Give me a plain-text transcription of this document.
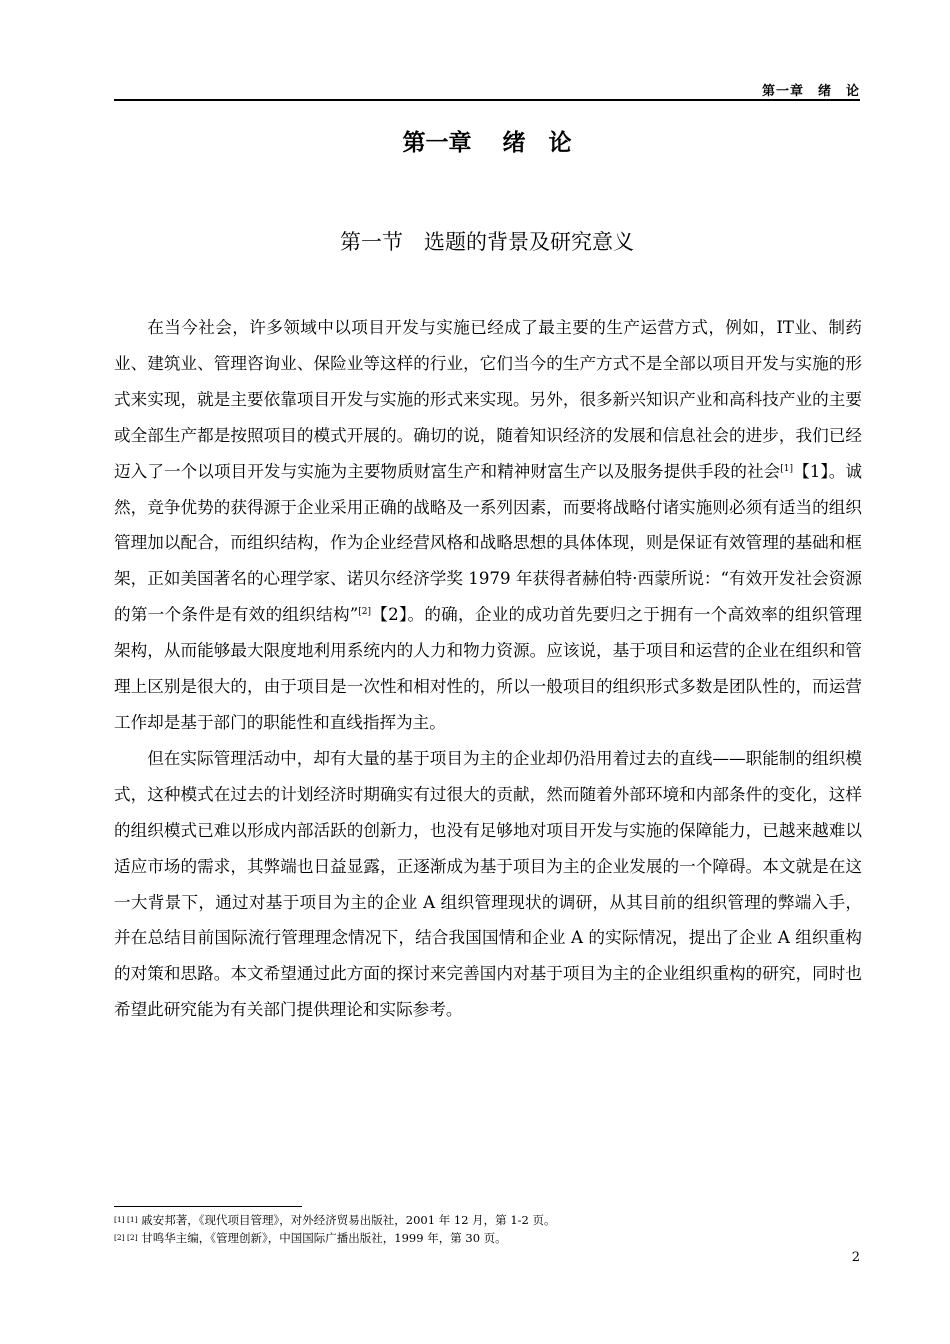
第一章　绪　论
第一章　 绪　论
第一节　选题的背景及研究意义

在当今社会，许多领域中以项目开发与实施已经成了最主要的生产运营方式，例如，IT业、制药业、建筑业、管理咨询业、保险业等这样的行业，它们当今的生产方式不是全部以项目开发与实施的形式来实现，就是主要依靠项目开发与实施的形式来实现。另外，很多新兴知识产业和高科技产业的主要或全部生产都是按照项目的模式开展的。确切的说，随着知识经济的发展和信息社会的进步，我们已经迈入了一个以项目开发与实施为主要物质财富生产和精神财富生产以及服务提供手段的社会[1]【1】。诚然，竞争优势的获得源于企业采用正确的战略及一系列因素，而要将战略付诸实施则必须有适当的组织管理加以配合，而组织结构，作为企业经营风格和战略思想的具体体现，则是保证有效管理的基础和框架，正如美国著名的心理学家、诺贝尔经济学奖 1979 年获得者赫伯特·西蒙所说：“有效开发社会资源的第一个条件是有效的组织结构”[2]【2】。的确，企业的成功首先要归之于拥有一个高效率的组织管理架构，从而能够最大限度地利用系统内的人力和物力资源。应该说，基于项目和运营的企业在组织和管理上区别是很大的，由于项目是一次性和相对性的，所以一般项目的组织形式多数是团队性的，而运营工作却是基于部门的职能性和直线指挥为主。

但在实际管理活动中，却有大量的基于项目为主的企业却仍沿用着过去的直线——职能制的组织模式，这种模式在过去的计划经济时期确实有过很大的贡献，然而随着外部环境和内部条件的变化，这样的组织模式已难以形成内部活跃的创新力，也没有足够地对项目开发与实施的保障能力，已越来越难以适应市场的需求，其弊端也日益显露，正逐渐成为基于项目为主的企业发展的一个障碍。本文就是在这一大背景下，通过对基于项目为主的企业 A 组织管理现状的调研，从其目前的组织管理的弊端入手，并在总结目前国际流行管理理念情况下，结合我国国情和企业 A 的实际情况，提出了企业 A 组织重构的对策和思路。本文希望通过此方面的探讨来完善国内对基于项目为主的企业组织重构的研究，同时也希望此研究能为有关部门提供理论和实际参考。

[1] [1] 戚安邦著，《现代项目管理》，对外经济贸易出版社，2001 年 12 月，第 1-2 页。
[2] [2] 甘鸣华主编，《管理创新》，中国国际广播出版社，1999 年，第 30 页。
2
